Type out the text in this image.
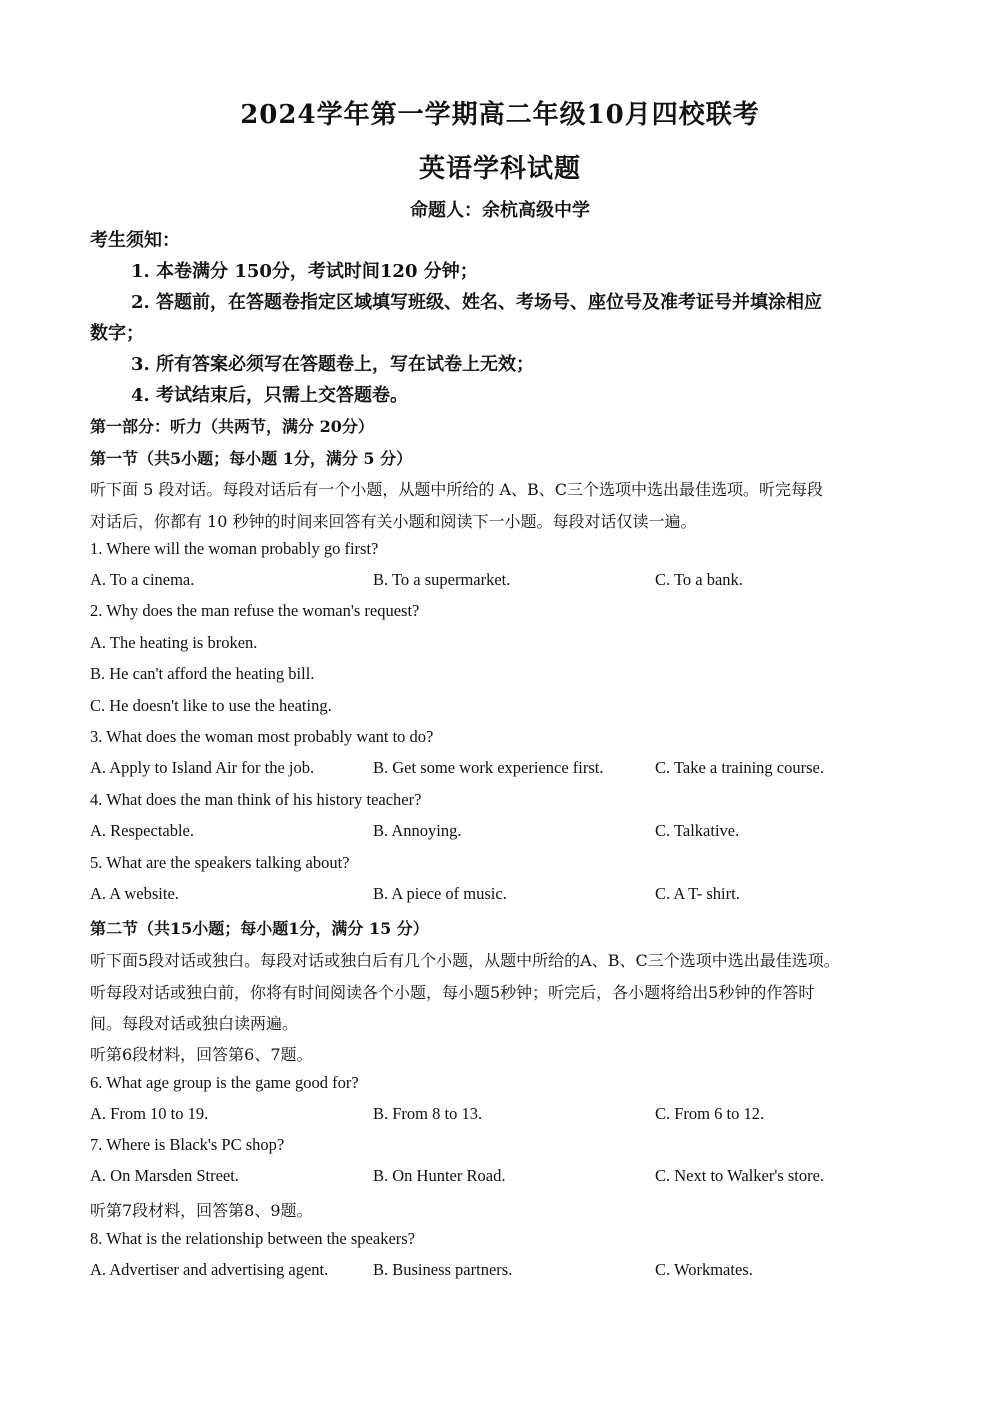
2024学年第一学期高二年级10月四校联考
英语学科试题
命题人：余杭高级中学
考生须知：
1. 本卷满分 150分，考试时间120 分钟；
2. 答题前，在答题卷指定区域填写班级、姓名、考场号、座位号及准考证号并填涂相应
数字；
3. 所有答案必须写在答题卷上，写在试卷上无效；
4. 考试结束后，只需上交答题卷。
第一部分：听力（共两节，满分 20分）
第一节（共5小题；每小题 1分，满分 5 分）
听下面 5 段对话。每段对话后有一个小题，从题中所给的 A、B、C三个选项中选出最佳选项。听完每段
对话后，你都有 10 秒钟的时间来回答有关小题和阅读下一小题。每段对话仅读一遍。
1. Where will the woman probably go first?
A. To a cinema.	B. To a supermarket.	C. To a bank.
2. Why does the man refuse the woman's request?
A. The heating is broken.
B. He can't afford the heating bill.
C. He doesn't like to use the heating.
3. What does the woman most probably want to do?
A. Apply to Island Air for the job.	B. Get some work experience first.	C. Take a training course.
4. What does the man think of his history teacher?
A. Respectable.	B. Annoying.	C. Talkative.
5. What are the speakers talking about?
A. A website.	B. A piece of music.	C. A T- shirt.
第二节（共15小题；每小题1分，满分 15 分）
听下面5段对话或独白。每段对话或独白后有几个小题，从题中所给的A、B、C三个选项中选出最佳选项。
听每段对话或独白前，你将有时间阅读各个小题，每小题5秒钟；听完后，各小题将给出5秒钟的作答时
间。每段对话或独白读两遍。
听第6段材料，回答第6、7题。
6. What age group is the game good for?
A. From 10 to 19.	B. From 8 to 13.	C. From 6 to 12.
7. Where is Black's PC shop?
A. On Marsden Street.	B. On Hunter Road.	C. Next to Walker's store.
听第7段材料，回答第8、9题。
8. What is the relationship between the speakers?
A. Advertiser and advertising agent.	B. Business partners.	C. Workmates.
